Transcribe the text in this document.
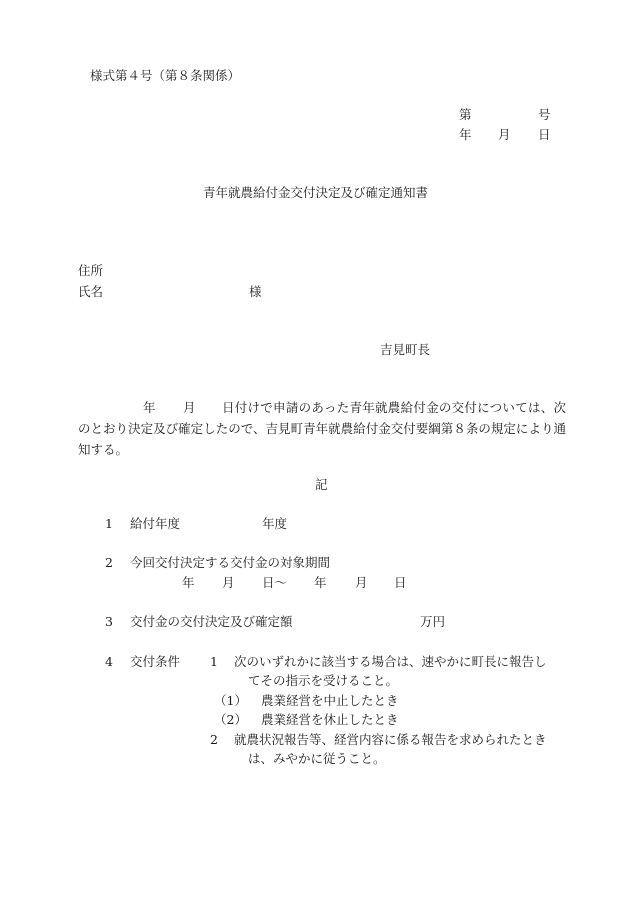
様式第４号（第８条関係）
第	号
年 月 日
青年就農給付金交付決定及び確定通知書
住所
氏名	様
吉見町長
年 月	日付けで申請のあった青年就農給付金の交付については、次のとおり決定及び確定したので、吉見町青年就農給付金交付要綱第８条の規定により通知する。
記
1 給付年度	年度
2 今回交付決定する交付金の対象期間
年 月 日～ 年 月 日
3 交付金の交付決定及び確定額	万円
4 交付条件 1 次のいずれかに該当する場合は、速やかに町長に報告し
てその指示を受けること。
（1） 農業経営を中止したとき
（2） 農業経営を休止したとき
2 就農状況報告等、経営内容に係る報告を求められたとき
は、みやかに従うこと。
